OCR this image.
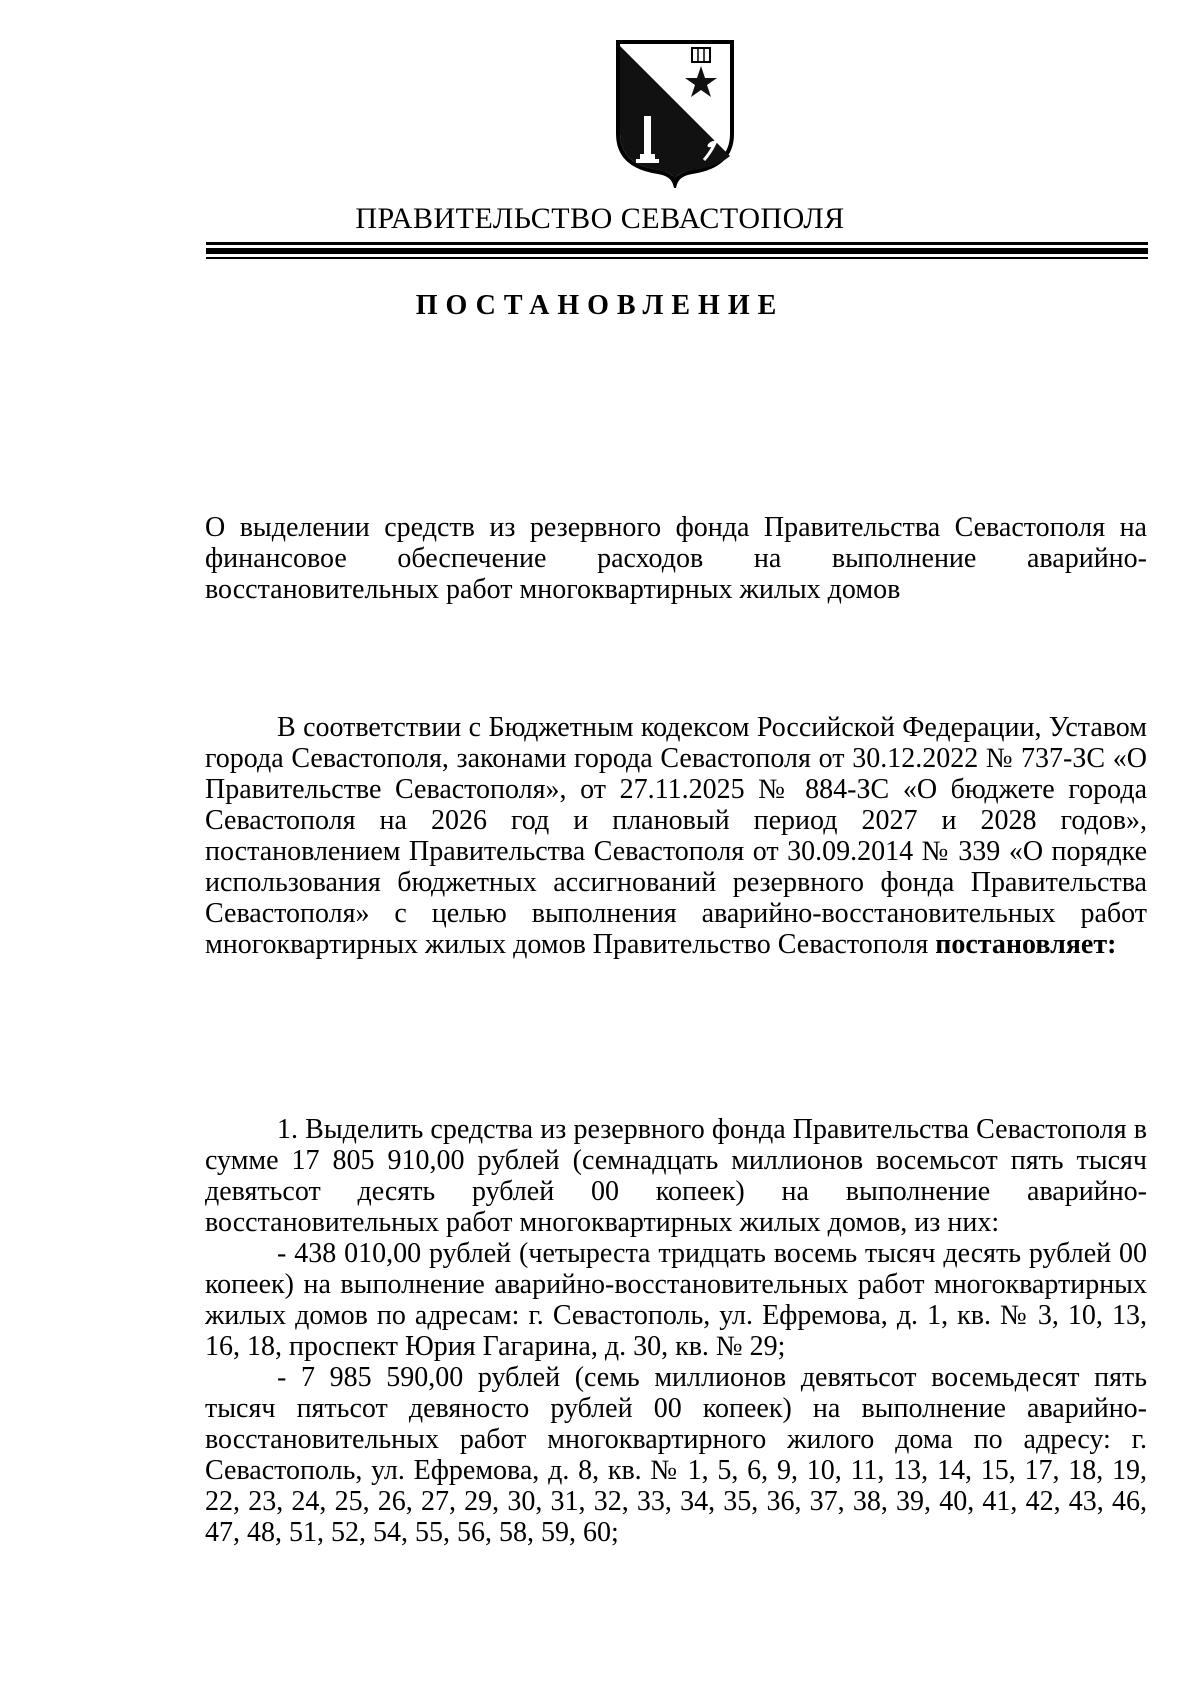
ПРАВИТЕЛЬСТВО СЕВАСТОПОЛЯ
ПОСТАНОВЛЕНИЕ

О выделении средств из резервного фонда Правительства Севастополя на финансовое обеспечение расходов на выполнение аварийно-восстановительных работ многоквартирных жилых домов

В соответствии с Бюджетным кодексом Российской Федерации, Уставом города Севастополя, законами города Севастополя от 30.12.2022 № 737-ЗС «О Правительстве Севастополя», от 27.11.2025 № 884-ЗС «О бюджете города Севастополя на 2026 год и плановый период 2027 и 2028 годов», постановлением Правительства Севастополя от 30.09.2014 № 339 «О порядке использования бюджетных ассигнований резервного фонда Правительства Севастополя» с целью выполнения аварийно-восстановительных работ многоквартирных жилых домов Правительство Севастополя постановляет:

1. Выделить средства из резервного фонда Правительства Севастополя в сумме 17 805 910,00 рублей (семнадцать миллионов восемьсот пять тысяч девятьсот десять рублей 00 копеек) на выполнение аварийно-восстановительных работ многоквартирных жилых домов, из них:

- 438 010,00 рублей (четыреста тридцать восемь тысяч десять рублей 00 копеек) на выполнение аварийно-восстановительных работ многоквартирных жилых домов по адресам: г. Севастополь, ул. Ефремова, д. 1, кв. № 3, 10, 13, 16, 18, проспект Юрия Гагарина, д. 30, кв. № 29;

- 7 985 590,00 рублей (семь миллионов девятьсот восемьдесят пять тысяч пятьсот девяносто рублей 00 копеек) на выполнение аварийно-восстановительных работ многоквартирного жилого дома по адресу: г. Севастополь, ул. Ефремова, д. 8, кв. № 1, 5, 6, 9, 10, 11, 13, 14, 15, 17, 18, 19, 22, 23, 24, 25, 26, 27, 29, 30, 31, 32, 33, 34, 35, 36, 37, 38, 39, 40, 41, 42, 43, 46, 47, 48, 51, 52, 54, 55, 56, 58, 59, 60;
